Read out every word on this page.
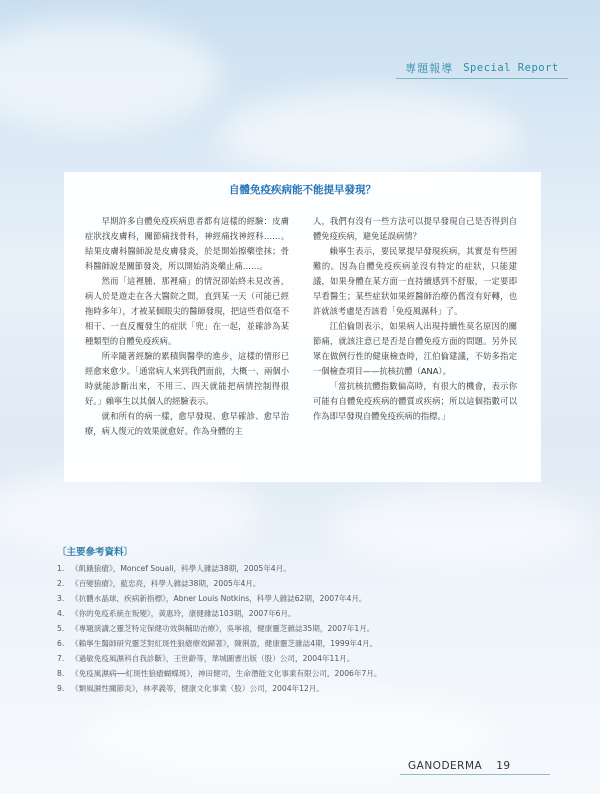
專題報導 Special Report
自體免疫疾病能不能提早發現？

早期許多自體免疫疾病患者都有這樣的經驗：皮膚症狀找皮膚科，關節痛找骨科，神經痛找神經科……。結果皮膚科醫師說是皮膚發炎，於是開始擦藥塗抹；骨科醫師說是關節發炎，所以開始消炎藥止痛……。

然而「這裡腫、那裡痛」的情況卻始終未見改善，病人於是遊走在各大醫院之間，直到某一天（可能已經拖時多年），才被某個眼尖的醫師發現，把這些看似毫不相干、一直反覆發生的症狀「兜」在一起，並確診為某種類型的自體免疫疾病。

所幸隨著經驗的累積與醫學的進步，這樣的情形已經愈來愈少。「通常病人來到我們面前，大概一、兩個小時就能診斷出來，不用三、四天就能把病情控制得很好。」賴寧生以其個人的經驗表示。

就和所有的病一樣，愈早發現、愈早確診、愈早治療，病人復元的效果就愈好。作為身體的主

人，我們有沒有一些方法可以提早發現自己是否得到自體免疫疾病，避免延誤病情？

賴寧生表示，要民眾提早發現疾病，其實是有些困難的。因為自體免疫疾病並沒有特定的症狀，只能建議，如果身體在某方面一直持續感到不舒服，一定要即早看醫生；某些症狀如果經醫師治療仍舊沒有好轉，也許就該考慮是否該看「免疫風濕科」了。

江伯倫則表示，如果病人出現持續性莫名原因的關節痛，就該注意已是否是自體免疫方面的問題。另外民眾在做例行性的健康檢查時，江伯倫建議，不妨多指定一個檢查項目——抗核抗體（ANA）。

「當抗核抗體指數偏高時，有很大的機會，表示你可能有自體免疫疾病的體質或疾病；所以這個指數可以作為即早發現自體免疫疾病的指標。」

〔主要參考資料〕
1. 《飢餓狼瘡》，Moncef Souali，科學人雜誌38期，2005年4月。
2. 《百變狼瘡》，藍忠亮，科學人雜誌38期，2005年4月。
3. 《抗體水晶球，疾病新指標》，Abner Louis Notkins，科學人雜誌62期，2007年4月。
4. 《你的免疫系統在叛變》，黃惠玲，康健雜誌103期，2007年6月。
5. 《專題演講之靈芝特定保健功效與輔助治療》，吳寧禧，健康靈芝雜誌35期，2007年1月。
6. 《賴寧生醫師研究靈芝對紅斑性狼瘡療效歸著》，陳俐盈，健康靈芝雜誌4期，1999年4月。
7. 《過敏免疫風濕科自我診斷》，王世齡等，華城圖書出版（股）公司，2004年11月。
8. 《免疫風濕病──紅斑性狼瘡蝴蝶斑》，神田健司，生命潛能文化事業有限公司，2006年7月。
9. 《類風濕性關節炎》，林孝義等，健康文化事業（股）公司，2004年12月。
GANODERMA 19
